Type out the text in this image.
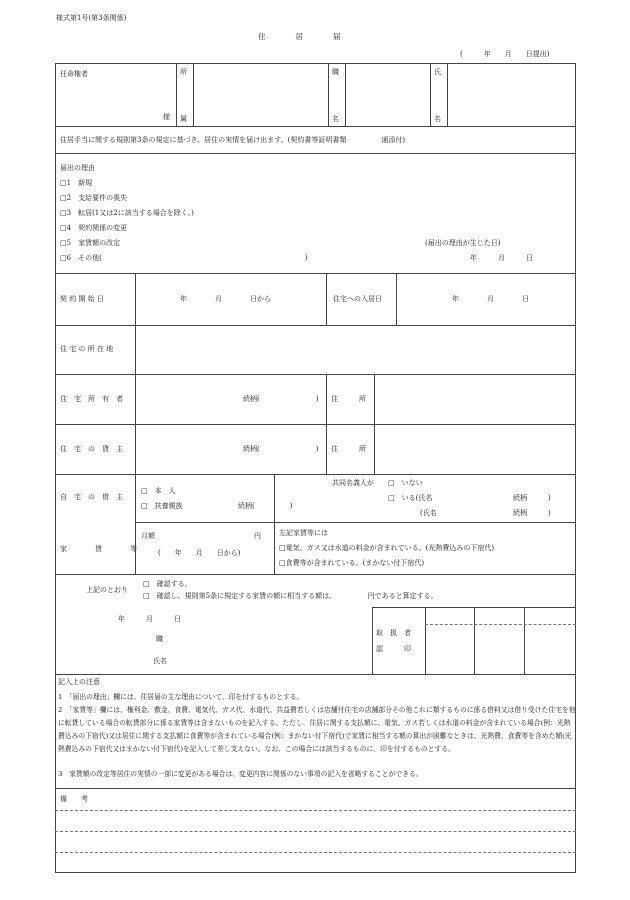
様式第1号(第3条関係)
住　　　　居　　　　届
(　　　年　　月　　日提出)
任命権者
様
所
属
職
名
氏
名
住居手当に関する規則第3条の規定に基づき、居住の実情を届け出ます。(契約書等証明書類　　　　　通添付)
届出の理由
□1　新規
□2　支給要件の喪失
□3　転居(1又は2に該当する場合を除く。)
□4　契約関係の変更
□5　家賃額の改定
□6　その他(　　　　　　　　　　　　　　　　　　　　　　　　　　　　　)
(届出の理由が生じた日)
年　　　月　　　日
契 約 開 始 日	年　　　　月　　　　日から	住宅への入居日	年　　　　月　　　　日
住 宅 の 所 在 地
住　宅　所　有　者	続柄(　　　　　　　　) 住　　　所
住　宅　の　貸　主	続柄(　　　　　　　　) 住　　　所
自　宅　の　借　主
□　本　人
□　扶養親族	続柄(　　　　　)
共同名義人が □　いない
□　いる(氏名	続柄　　　)
(氏名	続柄　　　)
家　　　　賃　　　　等
月額	円
(　　年　　月　　日から)
左記家賃等には
□電気、ガス又は水道の料金が含まれている。(光熱費込みの下宿代)
□食費等が含まれている。(まかない付下宿代)
上記のとおり
□　確認する。
□　確認し、規則第5条に規定する家賃の額に相当する額は、　　　　　円であると算定する。
年　　　月　　　日
職
氏名
取　扱　者
認　　　印
記入上の注意
1　「届出の理由」欄には、住居届の主な理由について、印を付するものとする。
2　「家賃等」欄には、権利金、敷金、食費、電気代、ガス代、水道代、共益費若しくは店舗付住宅の店舗部分その他これに類するものに係る借料又は借り受けた住宅を他に転貸している場合の転貸部分に係る家賃等は含まないものを記入する。ただし、住居に関する支払額に、電気、ガス若しくは水道の料金が含まれている場合(例：光熱費込みの下宿代)又は居住に関する支払額に食費等が含まれている場合(例：まかない付下宿代)で家賃に相当する額の算出が困難なときは、光熱費、食費等を含めた額(光熱費込みの下宿代又はまかない付下宿代)を記入して差し支えない。なお、この場合には該当するものに、印を付するものとする。
3　家賃額の改定等居住の実情の一部に変更がある場合は、変更内容に関係のない事項の記入を省略することができる。
備　　考
